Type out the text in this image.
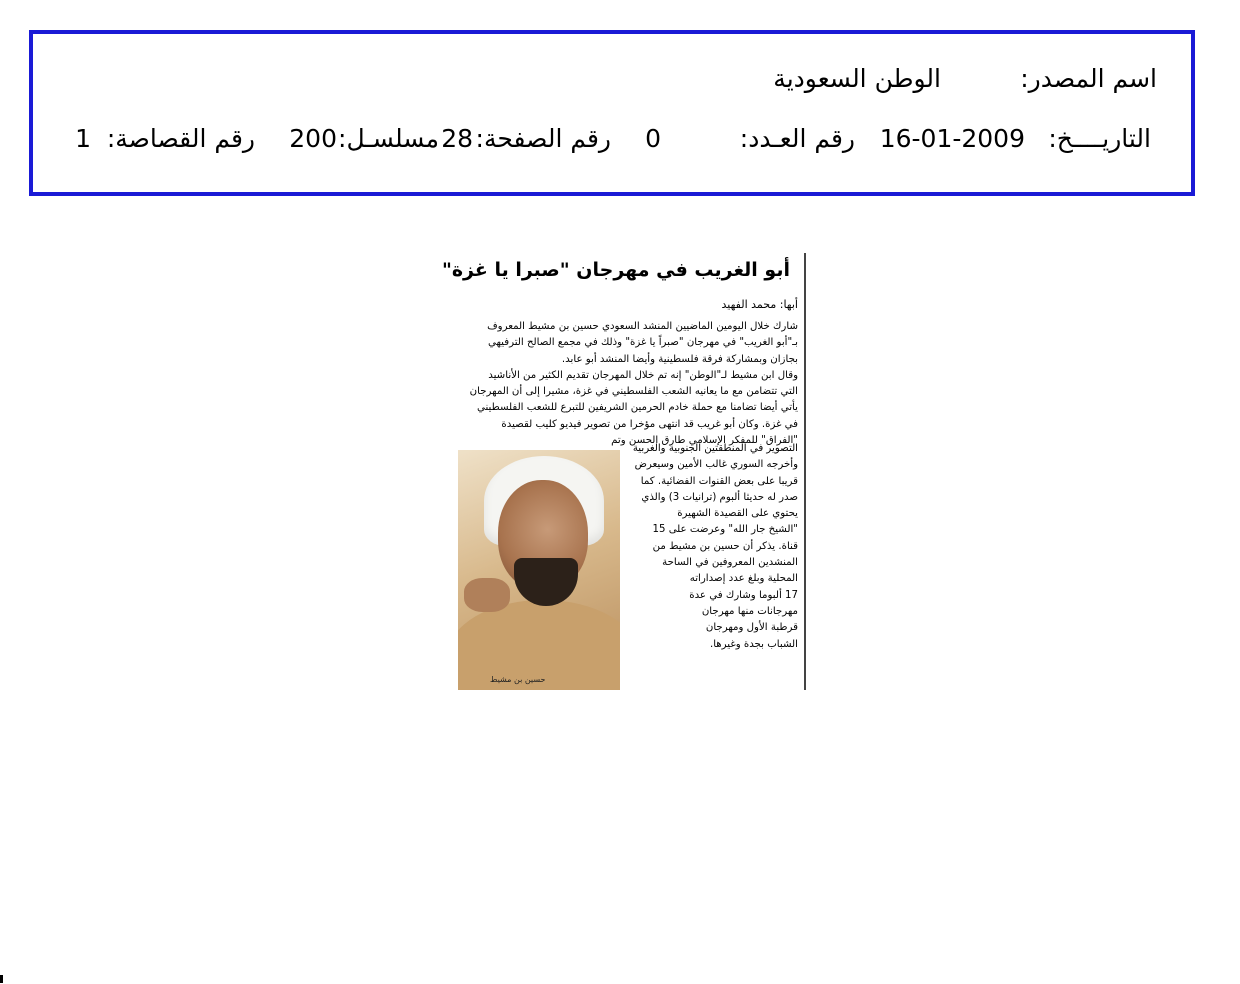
اسم المصدر:
الوطن السعودية
التاريــــخ:
16-01-2009
رقم العـدد:
0
رقم الصفحة:
28
مسلسـل:
200
رقم القصاصة:
1
أبو الغريب في مهرجان "صبرا يا غزة"
أبها: محمد الفهيد
شارك خلال اليومين الماضيين المنشد السعودي حسين بن مشيط المعروف
بـ"أبو الغريب" في مهرجان "صبراً يا غزة" وذلك في مجمع الصالح الترفيهي
بجازان وبمشاركة فرقة فلسطينية وأيضا المنشد أبو عابد.
وقال ابن مشيط لـ"الوطن" إنه تم خلال المهرجان تقديم الكثير من الأناشيد
التي تتضامن مع ما يعانيه الشعب الفلسطيني في غزة، مشيرا إلى أن المهرجان
يأتي أيضا تضامنا مع حملة خادم الحرمين الشريفين للتبرع للشعب الفلسطيني
في غزة. وكان أبو غريب قد انتهى مؤخرا من تصوير فيديو كليب لقصيدة
"الفراق" للمفكر الإسلامي طارق الحسن وتم
حسين بن مشيط
التصوير في المنطقتين الجنوبية والغربية
وأخرجه السوري غالب الأمين وسيعرض
قريبا على بعض القنوات الفضائية. كما
صدر له حديثا ألبوم (ترانيات 3) والذي
يحتوي على القصيدة الشهيرة
"الشيخ جار الله" وعرضت على 15
قناة. يذكر أن حسين بن مشيط من
المنشدين المعروفين في الساحة
المحلية وبلغ عدد إصداراته
17 ألبوما وشارك في عدة
مهرجانات منها مهرجان
قرطبة الأول ومهرجان
الشباب بجدة وغيرها.
